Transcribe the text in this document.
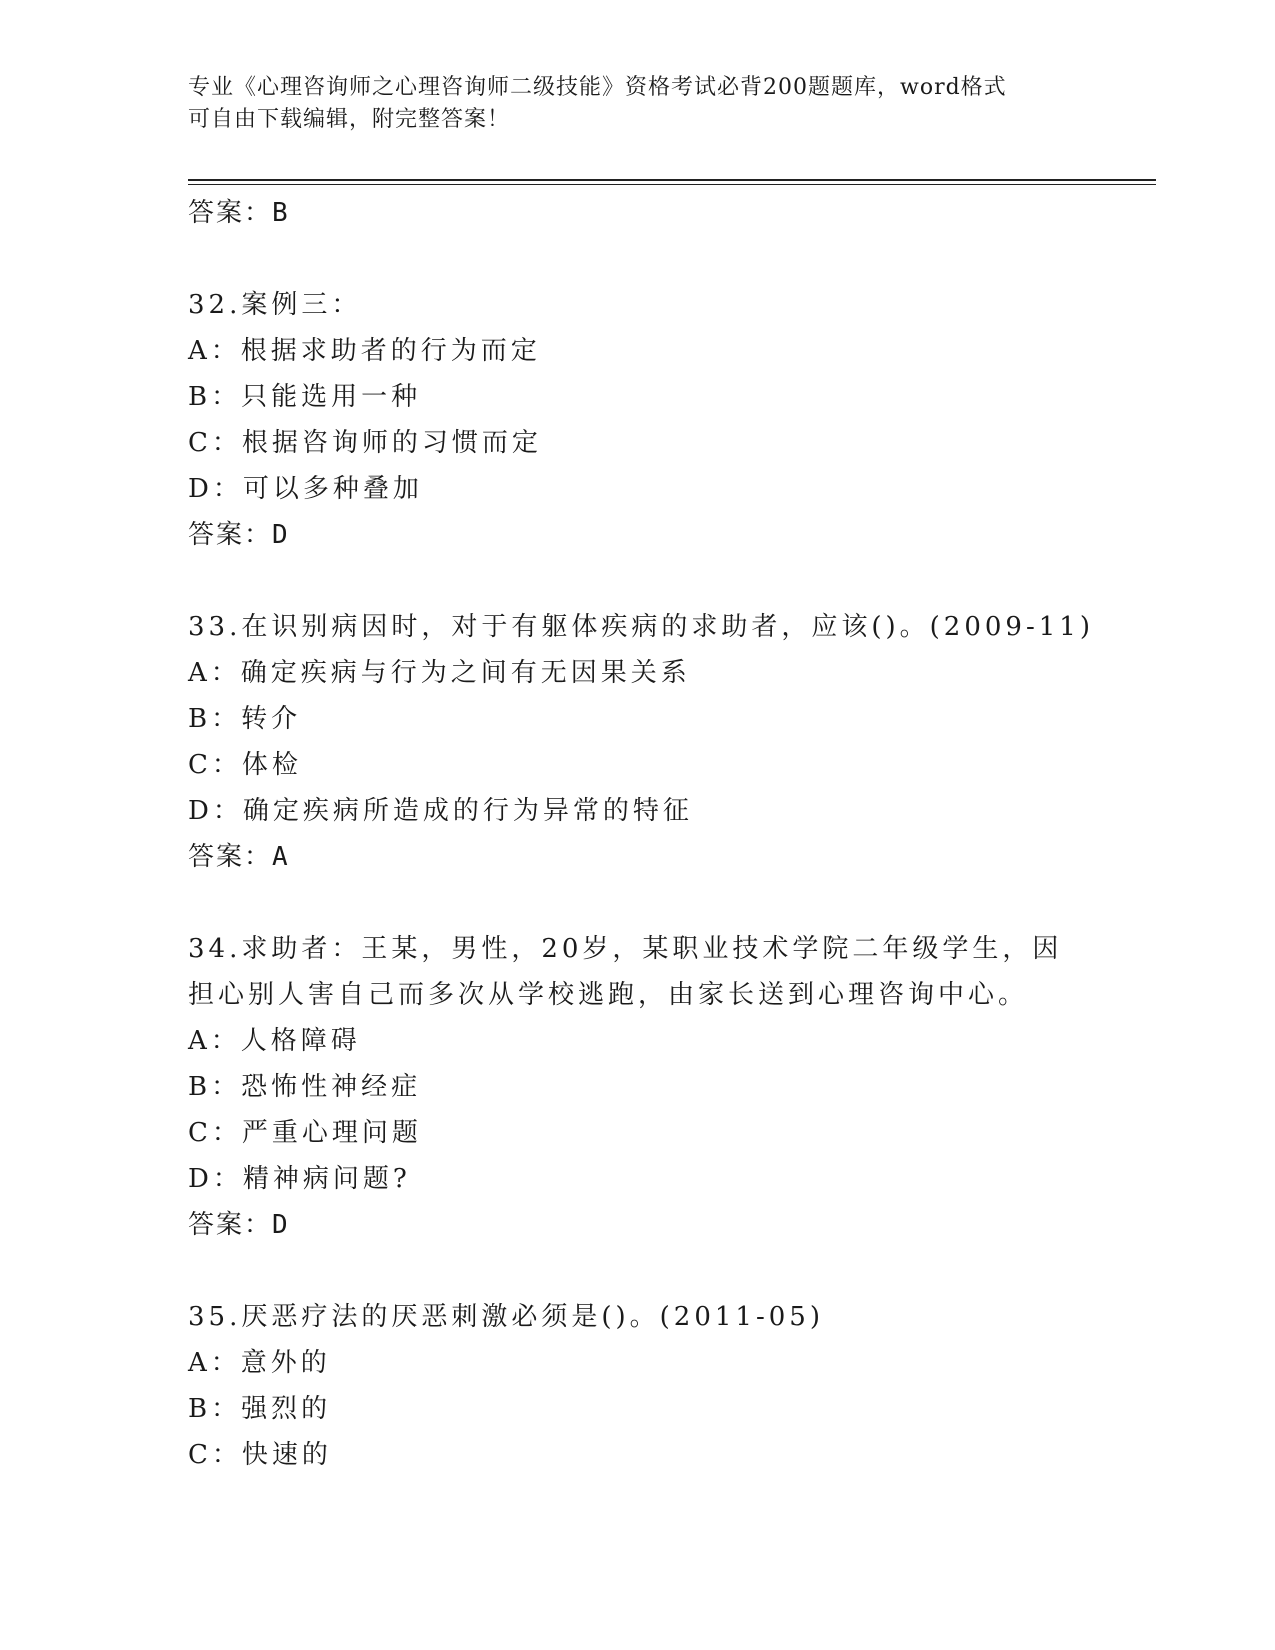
专业《心理咨询师之心理咨询师二级技能》资格考试必背200题题库，word格式
可自由下载编辑，附完整答案！
答案：B
32.案例三：
A：根据求助者的行为而定
B：只能选用一种
C：根据咨询师的习惯而定
D：可以多种叠加
答案：D
33.在识别病因时，对于有躯体疾病的求助者，应该()。(2009-11)
A：确定疾病与行为之间有无因果关系
B：转介
C：体检
D：确定疾病所造成的行为异常的特征
答案：A
34.求助者：王某，男性，20岁，某职业技术学院二年级学生，因担心别人害自己而多次从学校逃跑，由家长送到心理咨询中心。
A：人格障碍
B：恐怖性神经症
C：严重心理问题
D：精神病问题?
答案：D
35.厌恶疗法的厌恶刺激必须是()。(2011-05)
A：意外的
B：强烈的
C：快速的
